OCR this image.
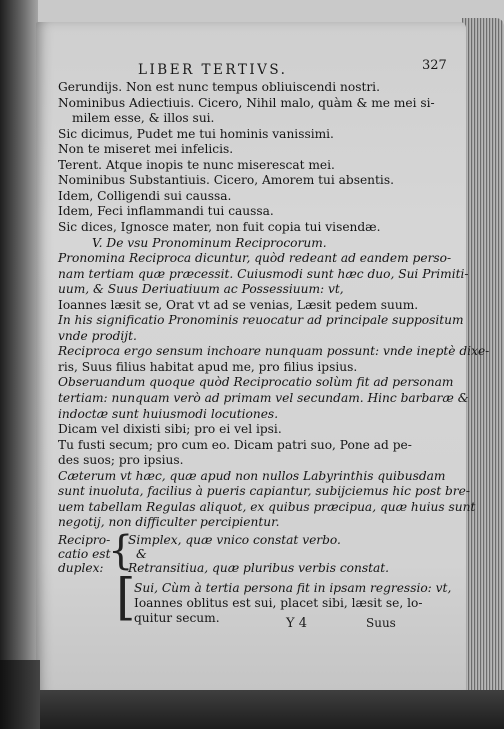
LIBER TERTIVS.	327
Gerundijs. Non est nunc tempus obliuiscendi nostri.
Nominibus Adiectiuis. Cicero, Nihil malo, quàm & me mei si-
milem esse, & illos sui.
Sic dicimus, Pudet me tui hominis vanissimi.
Non te miseret mei infelicis.
Terent. Atque inopis te nunc miserescat mei.
Nominibus Substantiuis. Cicero, Amorem tui absentis.
Idem, Colligendi sui caussa.
Idem, Feci inflammandi tui caussa.
Sic dices, Ignosce mater, non fuit copia tui visendæ.
V. De vsu Pronominum Reciprocorum.
Pronomina Reciproca dicuntur, quòd redeant ad eandem perso-
nam tertiam quæ præcessit. Cuiusmodi sunt hæc duo, Sui Primiti-
uum, & Suus Deriuatiuum ac Possessiuum: vt,
Ioannes læsit se, Orat vt ad se venias, Læsit pedem suum.
In his significatio Pronominis reuocatur ad principale suppositum
vnde prodijt.
Reciproca ergo sensum inchoare nunquam possunt: vnde ineptè dixe-
ris, Suus filius habitat apud me, pro filius ipsius.
Obseruandum quoque quòd Reciprocatio solùm fit ad personam
tertiam: nunquam verò ad primam vel secundam. Hinc barbaræ &
indoctæ sunt huiusmodi locutiones.
Dicam vel dixisti sibi; pro ei vel ipsi.
Tu fusti secum; pro cum eo. Dicam patri suo, Pone ad pe-
des suos; pro ipsius.
Cæterum vt hæc, quæ apud non nullos Labyrinthis quibusdam
sunt inuoluta, facilius à pueris capiantur, subijciemus hic post bre-
uem tabellam Regulas aliquot, ex quibus præcipua, quæ huius sunt
negotij, non difficulter percipientur.
Recipro-
catio est
duplex: {
Simplex, quæ vnico constat verbo.
&
Retransitiua, quæ pluribus verbis constat.
[
Sui, Cùm à tertia persona fit in ipsam regressio: vt,
Ioannes oblitus est sui, placet sibi, læsit se, lo-
quitur secum.	Y 4	Suus
